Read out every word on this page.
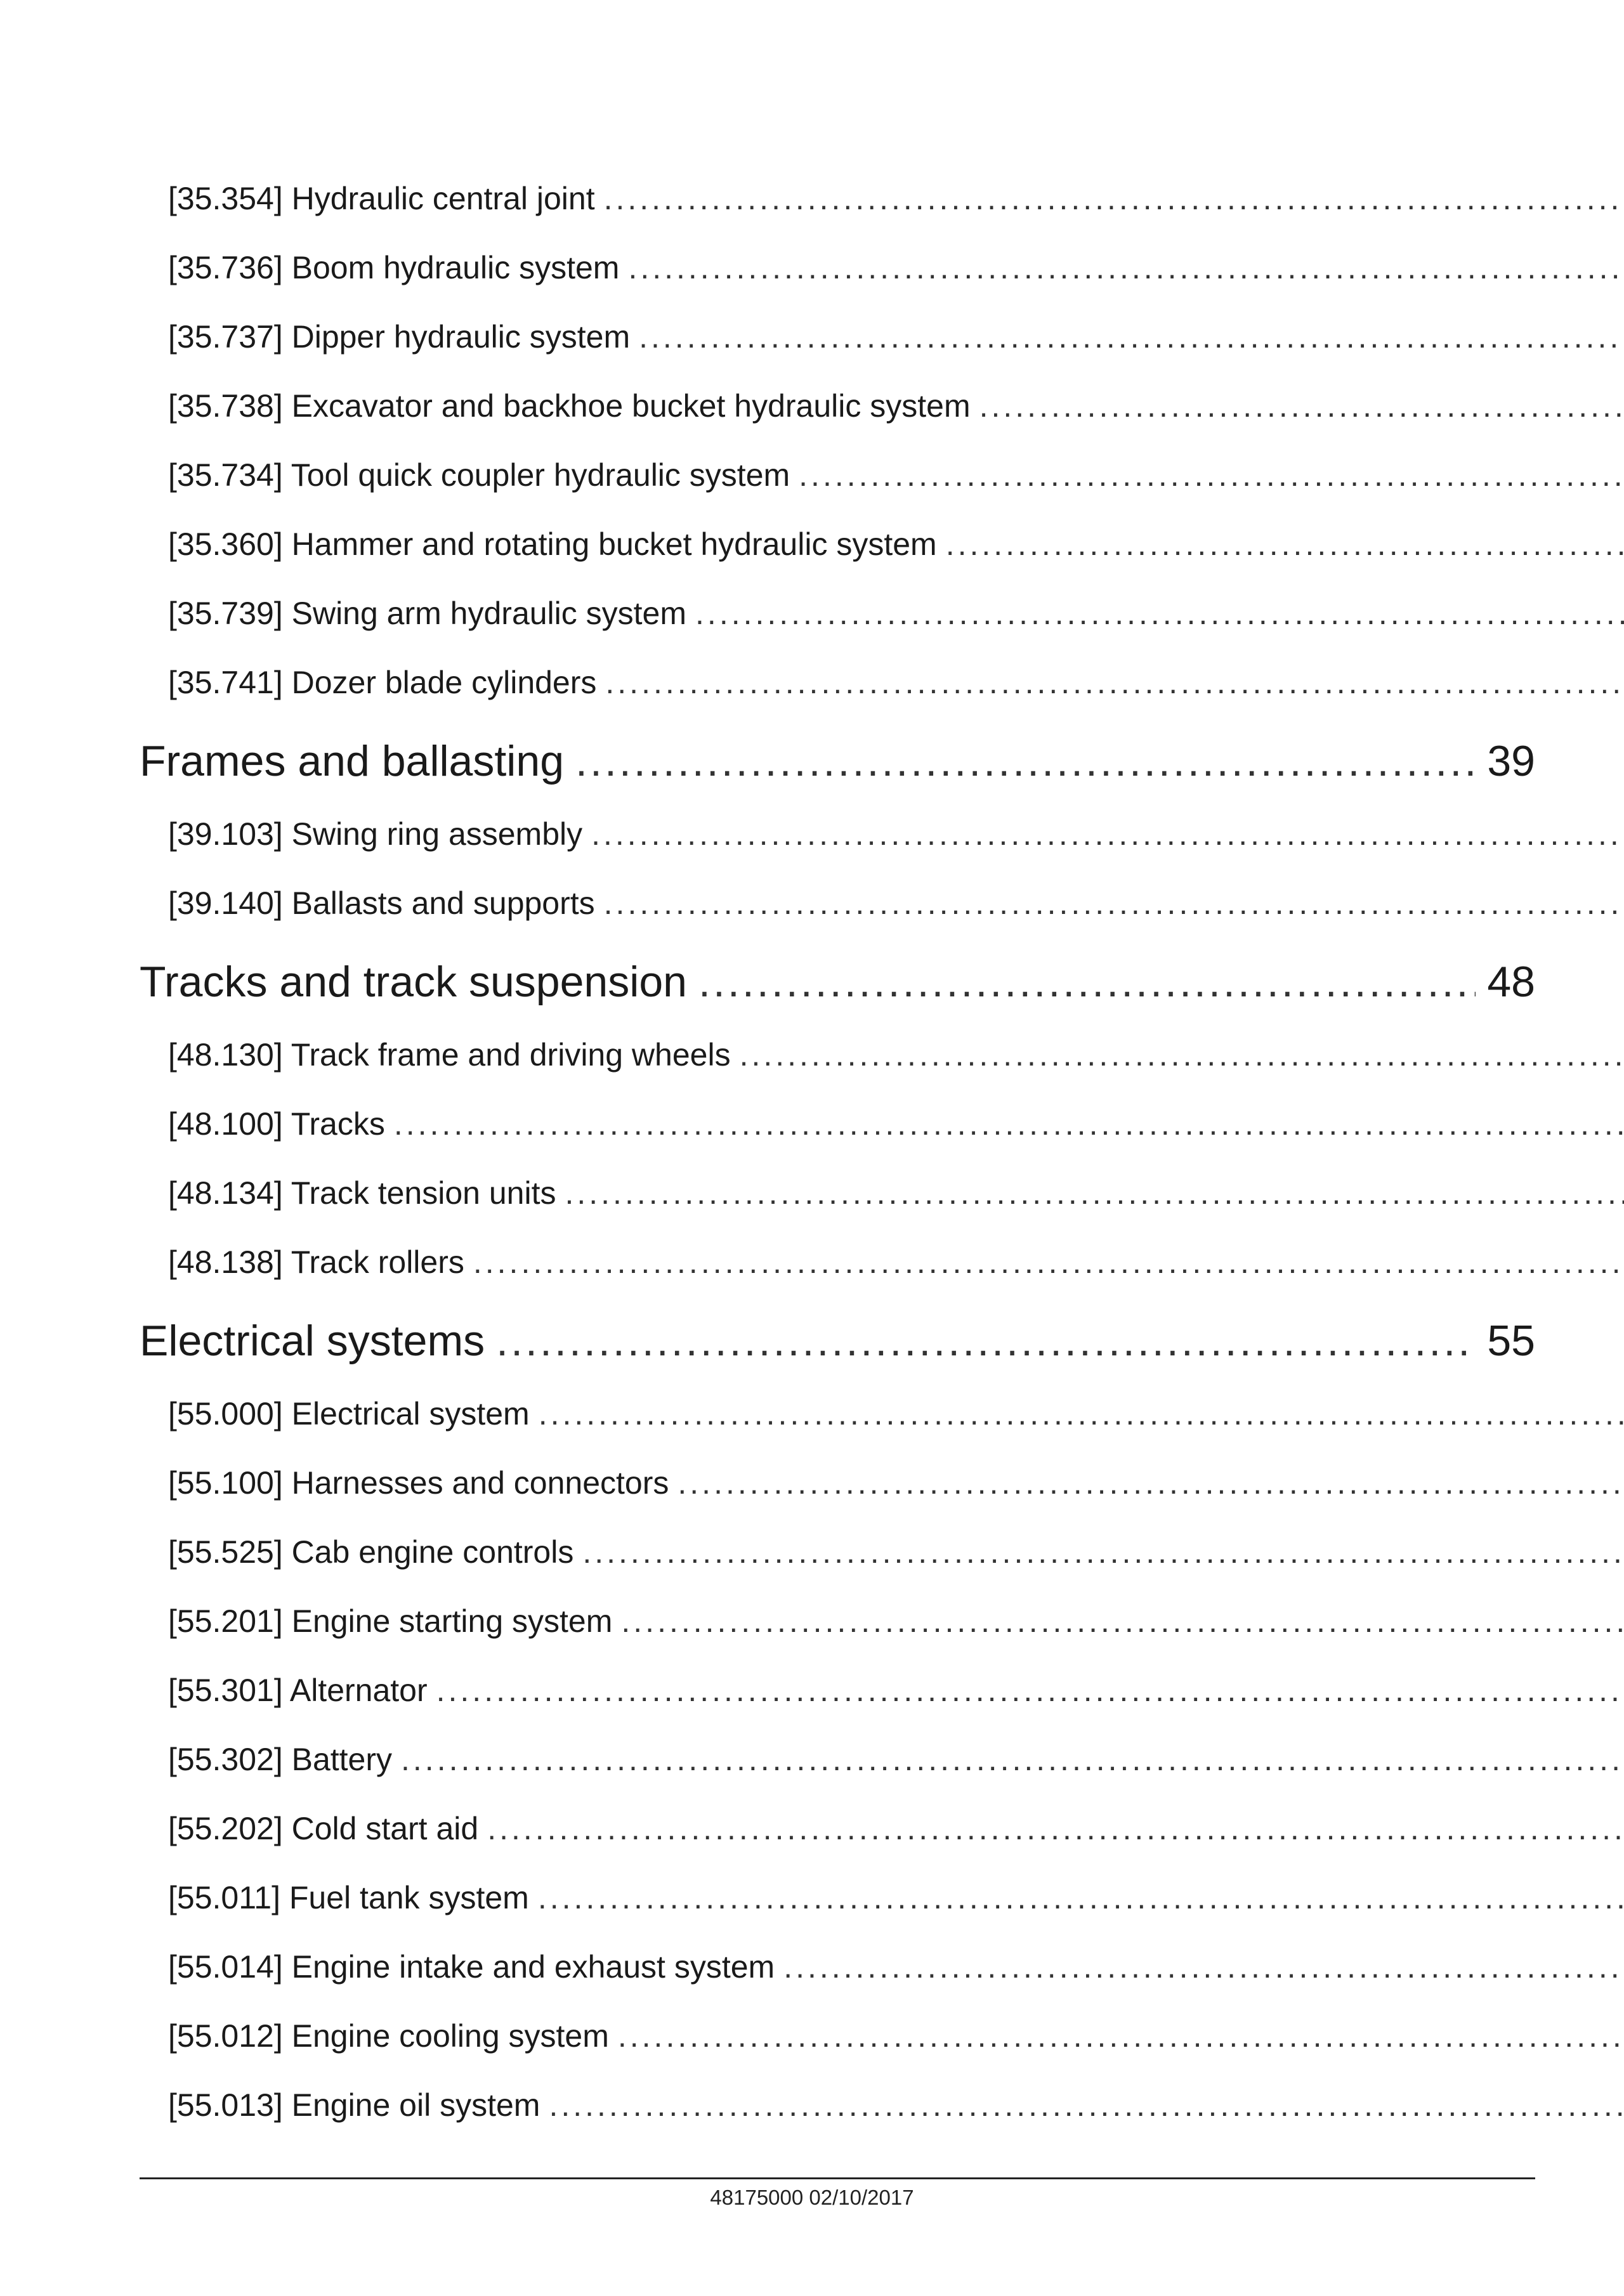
[35.354] Hydraulic central joint
.....
[35.736] Boom hydraulic system
.....
[35.737] Dipper hydraulic system
.....
[35.738] Excavator and backhoe bucket hydraulic system
.....
[35.734] Tool quick coupler hydraulic system
.....
[35.360] Hammer and rotating bucket hydraulic system
.....
[35.739] Swing arm hydraulic system
.....
[35.741] Dozer blade cylinders
.....
Frames and ballasting .....	39
[39.103] Swing ring assembly
.....
[39.140] Ballasts and supports
.....
Tracks and track suspension .....	48
[48.130] Track frame and driving wheels
.....
[48.100] Tracks
.....
[48.134] Track tension units
.....
[48.138] Track rollers
.....
Electrical systems .....	55
[55.000] Electrical system
.....
[55.100] Harnesses and connectors
.....
[55.525] Cab engine controls
.....
[55.201] Engine starting system
.....
[55.301] Alternator
.....
[55.302] Battery
.....
[55.202] Cold start aid
.....
[55.011] Fuel tank system
.....
[55.014] Engine intake and exhaust system
.....
[55.012] Engine cooling system
.....
[55.013] Engine oil system
.....
48175000 02/10/2017
